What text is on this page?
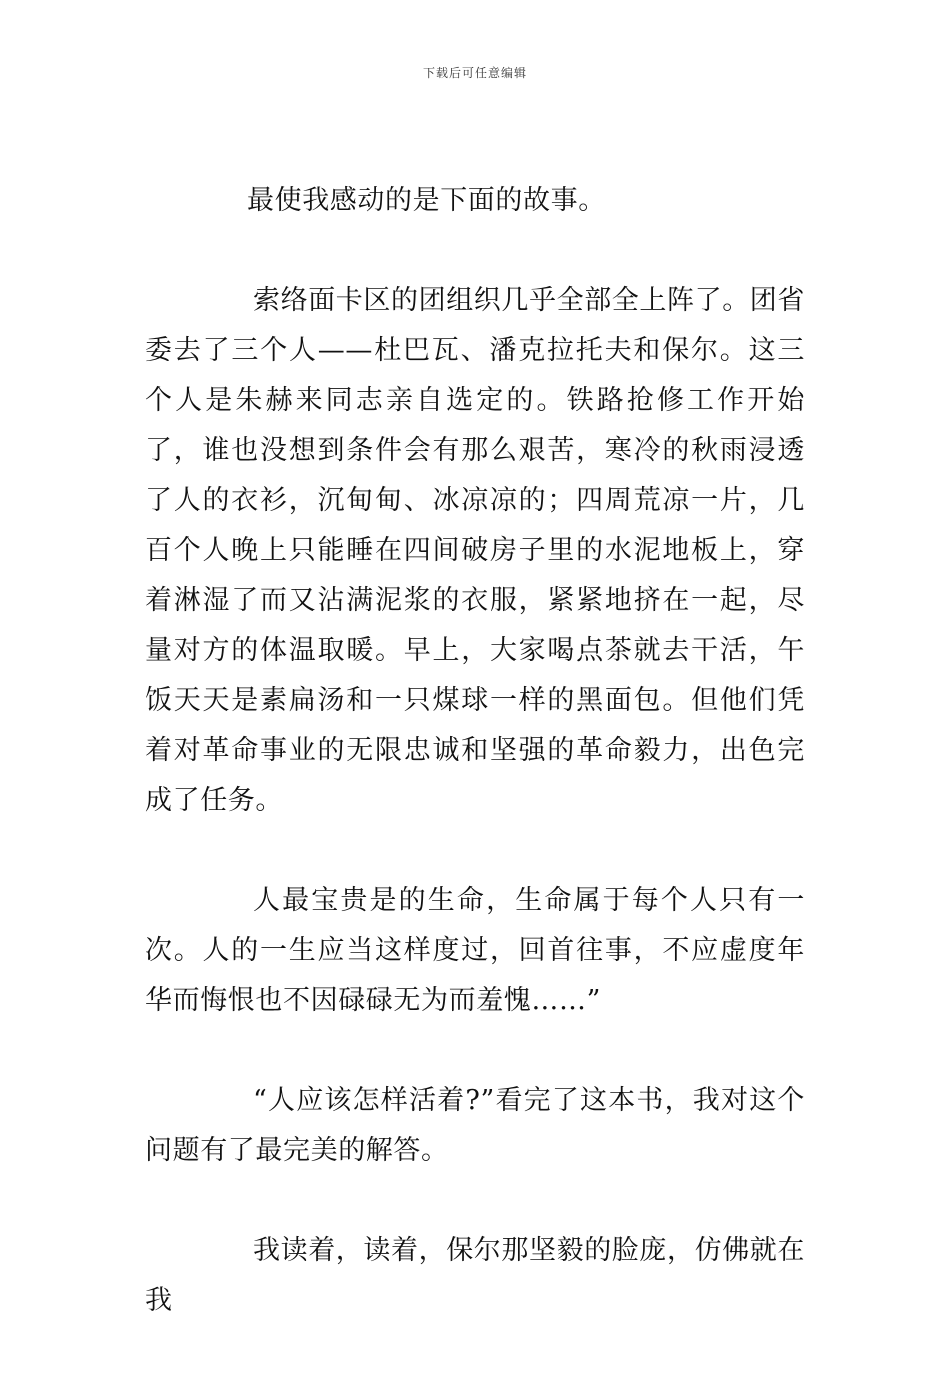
下载后可任意编辑

最使我感动的是下面的故事。

索络面卡区的团组织几乎全部全上阵了。团省委去了三个人——杜巴瓦、潘克拉托夫和保尔。这三个人是朱赫来同志亲自选定的。铁路抢修工作开始了，谁也没想到条件会有那么艰苦，寒冷的秋雨浸透了人的衣衫，沉甸甸、冰凉凉的；四周荒凉一片，几百个人晚上只能睡在四间破房子里的水泥地板上，穿着淋湿了而又沾满泥浆的衣服，紧紧地挤在一起，尽量对方的体温取暖。早上，大家喝点茶就去干活，午饭天天是素扁汤和一只煤球一样的黑面包。但他们凭着对革命事业的无限忠诚和坚强的革命毅力，出色完成了任务。

人最宝贵是的生命，生命属于每个人只有一次。人的一生应当这样度过，回首往事，不应虚度年华而悔恨也不因碌碌无为而羞愧……”

“人应该怎样活着?”看完了这本书，我对这个问题有了最完美的解答。

我读着，读着，保尔那坚毅的脸庞，仿佛就在我
